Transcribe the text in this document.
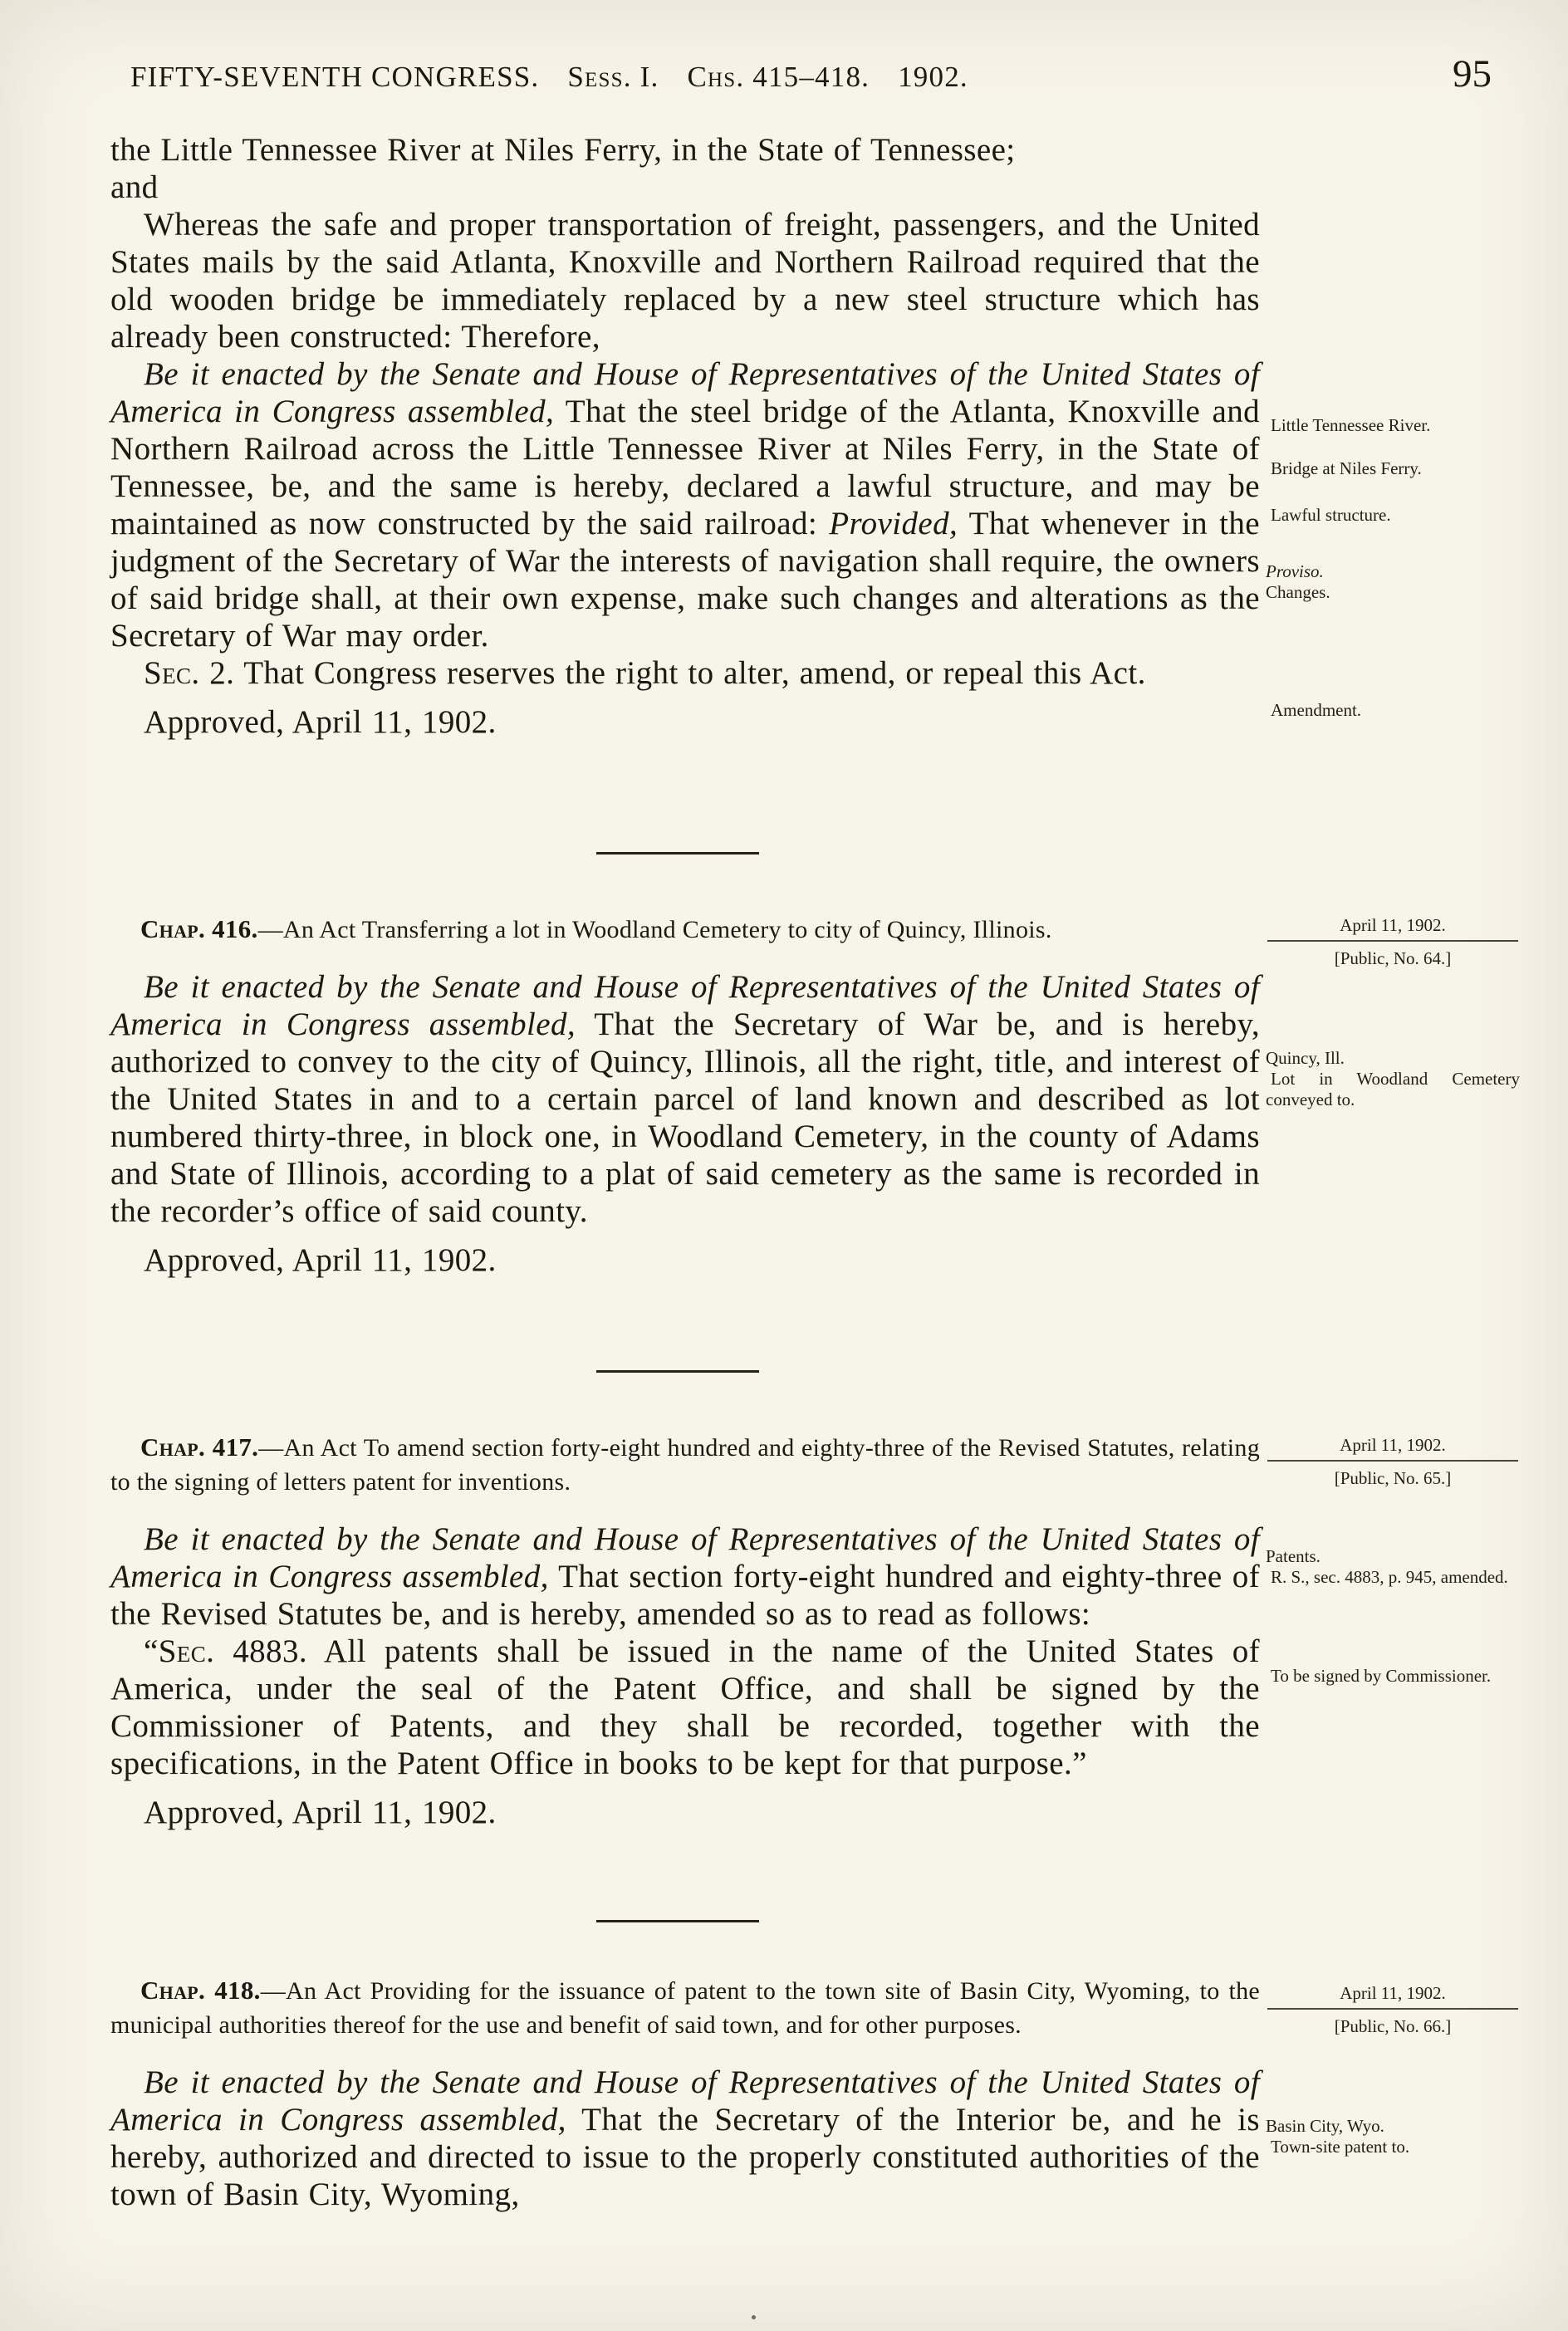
FIFTY-SEVENTH CONGRESS. Sess. I. Chs. 415–418. 1902.	95

the Little Tennessee River at Niles Ferry, in the State of Tennessee;
and

Whereas the safe and proper transportation of freight, passengers, and the United States mails by the said Atlanta, Knoxville and Northern Railroad required that the old wooden bridge be immediately replaced by a new steel structure which has already been constructed: Therefore,

Be it enacted by the Senate and House of Representatives of the United States of America in Congress assembled, That the steel bridge of the Atlanta, Knoxville and Northern Railroad across the Little Tennessee River at Niles Ferry, in the State of Tennessee, be, and the same is hereby, declared a lawful structure, and may be maintained as now constructed by the said railroad: Provided, That whenever in the judgment of the Secretary of War the interests of navigation shall require, the owners of said bridge shall, at their own expense, make such changes and alterations as the Secretary of War may order.

Sec. 2. That Congress reserves the right to alter, amend, or repeal this Act.

Approved, April 11, 1902.

Chap. 416.—An Act Transferring a lot in Woodland Cemetery to city of Quincy, Illinois.

Be it enacted by the Senate and House of Representatives of the United States of America in Congress assembled, That the Secretary of War be, and is hereby, authorized to convey to the city of Quincy, Illinois, all the right, title, and interest of the United States in and to a certain parcel of land known and described as lot numbered thirty-three, in block one, in Woodland Cemetery, in the county of Adams and State of Illinois, according to a plat of said cemetery as the same is recorded in the recorder’s office of said county.

Approved, April 11, 1902.

Chap. 417.—An Act To amend section forty-eight hundred and eighty-three of the Revised Statutes, relating to the signing of letters patent for inventions.

Be it enacted by the Senate and House of Representatives of the United States of America in Congress assembled, That section forty-eight hundred and eighty-three of the Revised Statutes be, and is hereby, amended so as to read as follows:

“Sec. 4883. All patents shall be issued in the name of the United States of America, under the seal of the Patent Office, and shall be signed by the Commissioner of Patents, and they shall be recorded, together with the specifications, in the Patent Office in books to be kept for that purpose.”

Approved, April 11, 1902.

Chap. 418.—An Act Providing for the issuance of patent to the town site of Basin City, Wyoming, to the municipal authorities thereof for the use and benefit of said town, and for other purposes.

Be it enacted by the Senate and House of Representatives of the United States of America in Congress assembled, That the Secretary of the Interior be, and he is hereby, authorized and directed to issue to the properly constituted authorities of the town of Basin City, Wyoming,

Little Tennessee River.
Bridge at Niles Ferry.
Lawful structure.
Proviso.
Changes.
Amendment.
April 11, 1902.
[Public, No. 64.]
Quincy, Ill.
Lot in Woodland Cemetery conveyed to.
April 11, 1902.
[Public, No. 65.]
Patents.
R. S., sec. 4883, p. 945, amended.
To be signed by Commissioner.
April 11, 1902.
[Public, No. 66.]
Basin City, Wyo.
Town-site patent to.
